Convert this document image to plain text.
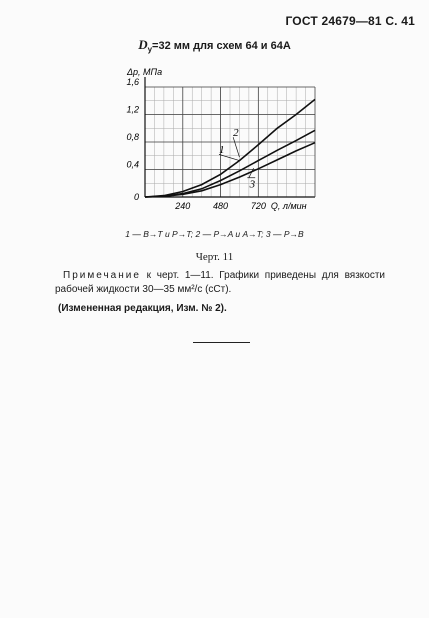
ГОСТ 24679—81 С. 41
$D_у=32$ мм для схем 64 и 64А
0
0,4
0,8
1,2
1,6
240	480	720
Δp, МПа
Q, л/мин
1
2
3
1 — B→T и P→T; 2 — P→A и A→T; 3 — P→B
Черт. 11
Примечание к черт. 1—11. Графики приведены для вязкости рабочей жидкости 30—35 мм²/с (сСт).
(Измененная редакция, Изм. № 2).
